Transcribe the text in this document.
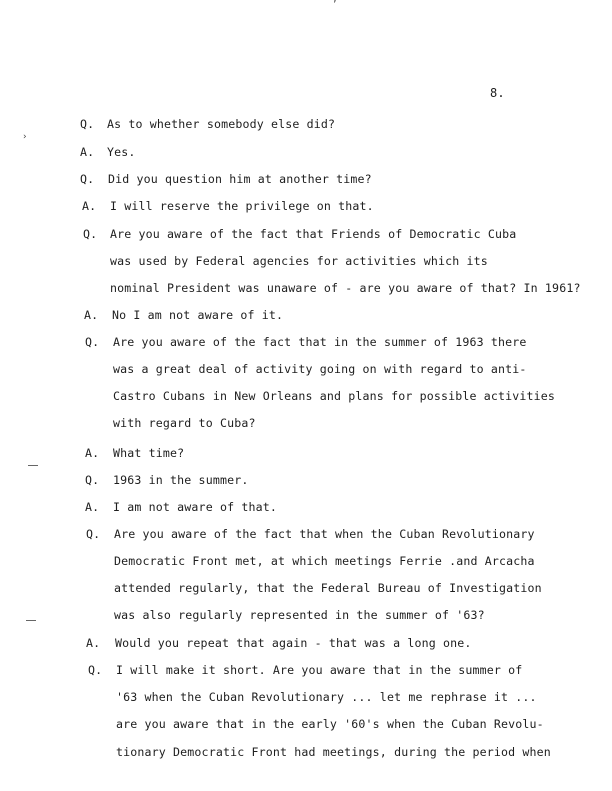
8.
Q. As to whether somebody else did?
A. Yes.
Q. Did you question him at another time?
A. I will reserve the privilege on that.
Q. Are you aware of the fact that Friends of Democratic Cuba
was used by Federal agencies for activities which its
nominal President was unaware of - are you aware of that? In 1961?
A. No I am not aware of it.
Q. Are you aware of the fact that in the summer of 1963 there
was a great deal of activity going on with regard to anti-
Castro Cubans in New Orleans and plans for possible activities
with regard to Cuba?
A. What time?
Q. 1963 in the summer.
A. I am not aware of that.
Q. Are you aware of the fact that when the Cuban Revolutionary
Democratic Front met, at which meetings Ferrie .and Arcacha
attended regularly, that the Federal Bureau of Investigation
was also regularly represented in the summer of '63?
A. Would you repeat that again - that was a long one.
Q. I will make it short. Are you aware that in the summer of
'63 when the Cuban Revolutionary ... let me rephrase it ...
are you aware that in the early '60's when the Cuban Revolu-
tionary Democratic Front had meetings, during the period when
›
’
